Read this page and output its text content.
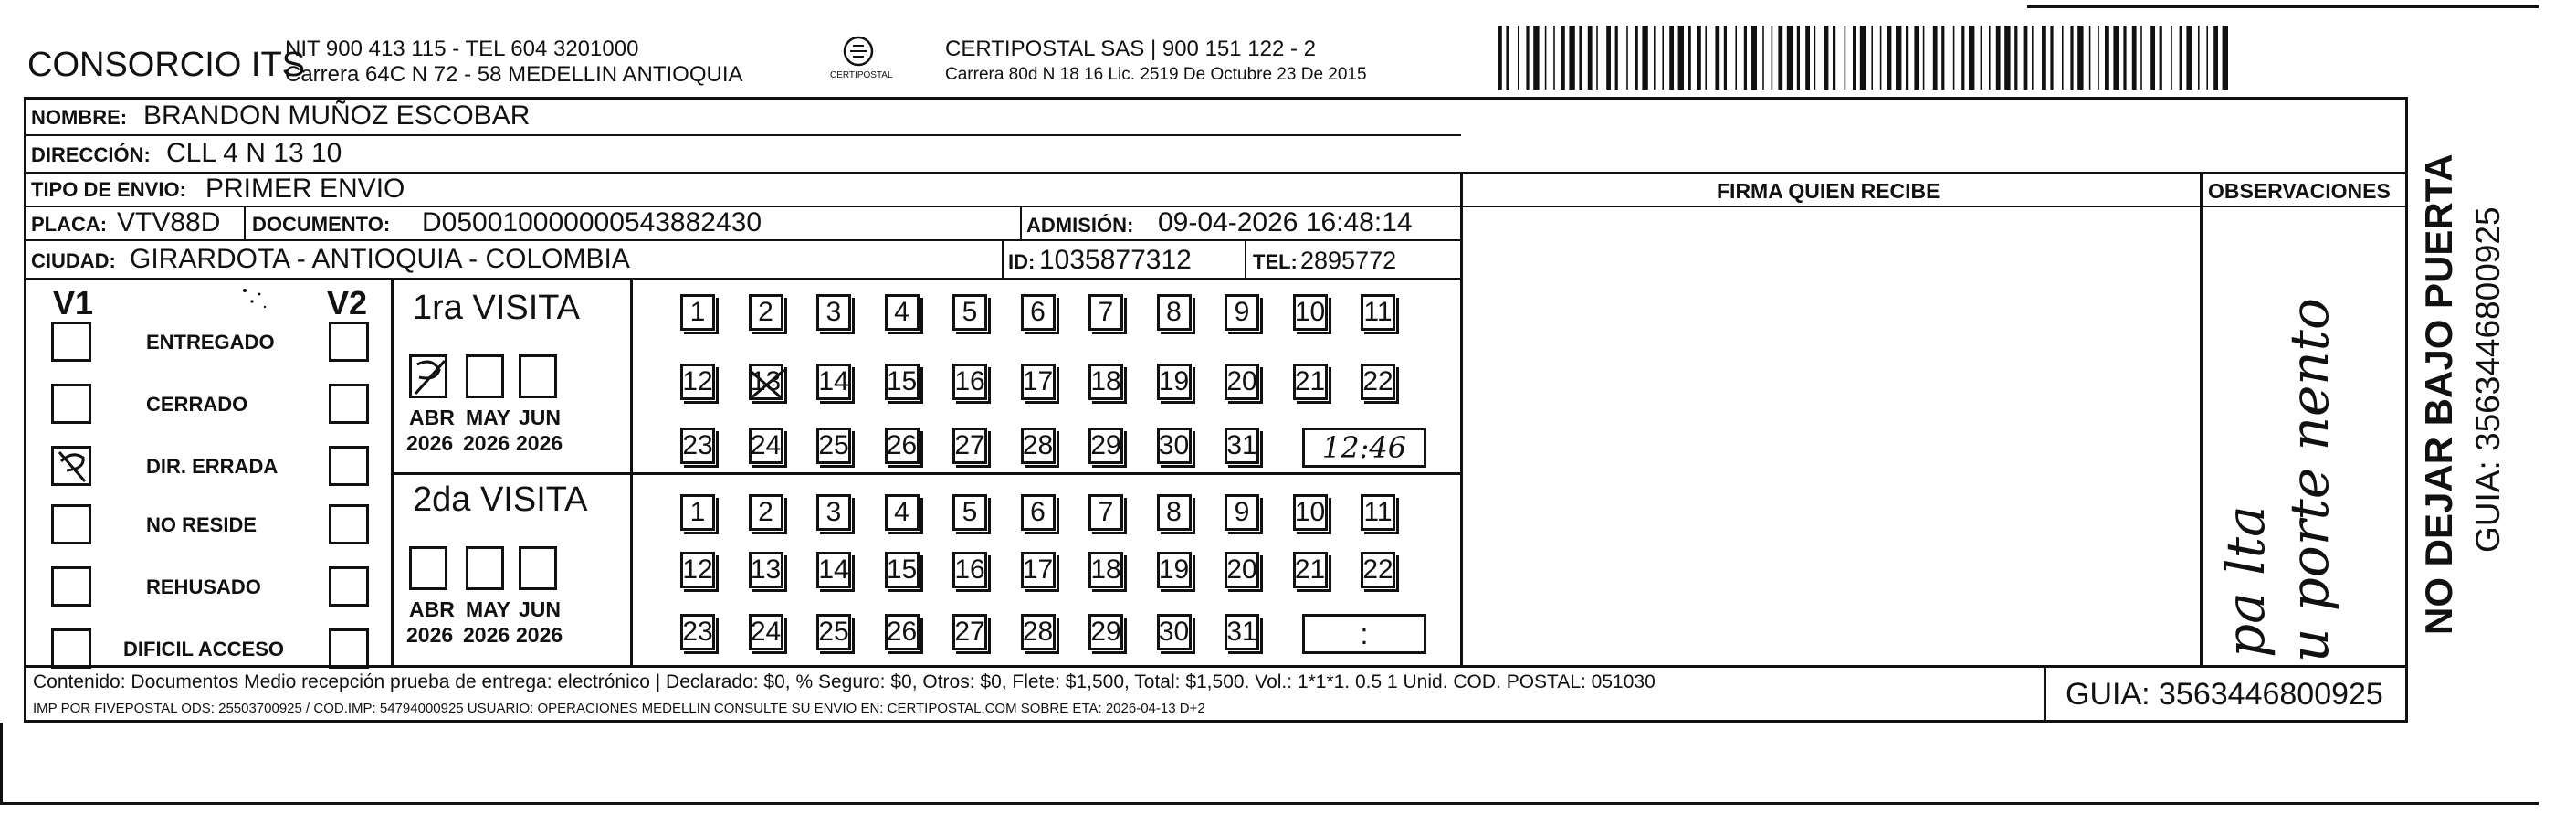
CONSORCIO ITS
NIT 900 413 115 - TEL 604 3201000
Carrera 64C N 72 - 58 MEDELLIN ANTIOQUIA	CERTIPOSTAL
CERTIPOSTAL SAS | 900 151 122 - 2
Carrera 80d N 18 16 Lic. 2519 De Octubre 23 De 2015
NOMBRE: BRANDON MUÑOZ ESCOBAR
DIRECCIÓN: CLL 4 N 13 10
TIPO DE ENVIO: PRIMER ENVIO
PLACA: VTV88D DOCUMENTO: D050010000000543882430	ADMISIÓN: 09-04-2026 16:48:14
CIUDAD: GIRARDOTA - ANTIOQUIA - COLOMBIA	ID: 1035877312	TEL: 2895772
FIRMA QUIEN RECIBE	OBSERVACIONES
V1	V2
ENTREGADO
CERRADO
DIR. ERRADA
NO RESIDE
REHUSADO
DIFICIL ACCESO
1ra VISITA
2da VISITA
ABR
2026
MAY
2026
JUN
2026
ABR
2026
MAY
2026
JUN
2026
1	2	3	4	5	6	7	8	9	10 11
12 13 14 15 16 17 18 19 20 21 22
23 24 25 26 27 28 29 30 31 12:46
1	2	3	4	5	6	7	8	9	10 11
12 13 14 15 16 17 18 19 20 21 22
23 24 25 26 27 28 29 30 31	:	pa lta u porte nento NO DEJAR BAJO PUERTA GUIA: 3563446800925
Contenido: Documentos Medio recepción prueba de entrega: electrónico | Declarado: $0, % Seguro: $0, Otros: $0, Flete: $1,500, Total: $1,500. Vol.: 1*1*1. 0.5 1 Unid. COD. POSTAL: 051030
IMP POR FIVEPOSTAL ODS: 25503700925 / COD.IMP: 54794000925 USUARIO: OPERACIONES MEDELLIN CONSULTE SU ENVIO EN: CERTIPOSTAL.COM SOBRE ETA: 2026-04-13 D+2	GUIA: 3563446800925
